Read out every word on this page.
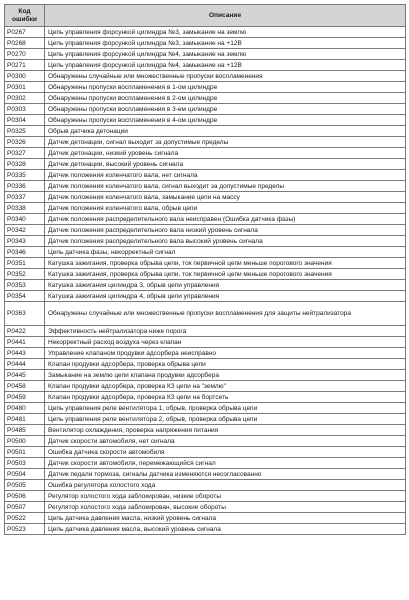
Код ошибки	Описание
P0267	Цепь управления форсункой цилиндра №3, замыкание на землю
P0268	Цепь управления форсункой цилиндра №3, замыкание на +12В
P0270	Цепь управления форсункой цилиндра №4, замыкание на землю
P0271	Цепь управления форсункой цилиндра №4, замыкание на +12В
P0300	Обнаружены случайные или множественные пропуски воспламенения
P0301	Обнаружены пропуски воспламенения в 1-ом цилиндре
P0302	Обнаружены пропуски воспламенения в 2-ом цилиндре
P0303	Обнаружены пропуски воспламенения в 3-ем цилиндре
P0304	Обнаружены пропуски воспламенения в 4-ом цилиндре
P0325	Обрыв датчика детонации
P0326	Датчик детонации, сигнал выходит за допустимые пределы
P0327	Датчик детонации, низкий уровень сигнала
P0328	Датчик детонации, высокий уровень сигнала
P0335	Датчик положения коленчатого вала, нет сигнала
P0336	Датчик положения коленчатого вала, сигнал выходит за допустимые пределы
P0337	Датчик положения коленчатого вала, замыкание цепи на массу
P0338	Датчик положения коленчатого вала, обрыв цепи
P0340	Датчик положения распределительного вала неисправен (Ошибка датчика фазы)
P0342	Датчик положения распределительного вала низкий уровень сигнала
P0343	Датчик положения распределительного вала высокий уровень сигнала
P0346	Цепь датчика фазы, некорректный сигнал
P0351	Катушка зажигания, проверка обрыва цепи, ток первичной цепи меньше порогового значения
P0352	Катушка зажигания, проверка обрыва цепи, ток первичной цепи меньше порогового значения
P0353	Катушка зажигания цилиндра 3, обрыв цепи управления
P0354	Катушка зажигания цилиндра 4, обрыв цепи управления
P0363	Обнаружены случайные или множественные пропуски воспламенения для защиты нейтрализатора
P0422	Эффективность нейтрализатора ниже порога
P0441	Некорректный расход воздуха через клапан
P0443	Управление клапаном продувки адсорбера неисправно
P0444	Клапан продувки адсорбера, проверка обрыва цепи
P0445	Замыкание на землю цепи клапана продувки адсорбера
P0458	Клапан продувки адсорбера, проверка КЗ цепи на "землю"
P0459	Клапан продувки адсорбера, проверка КЗ цепи на бортсеть
P0480	Цепь управления реле вентилятора 1, обрыв, проверка обрыва цепи
P0481	Цепь управления реле вентилятора 2, обрыв, проверка обрыва цепи
P0485	Вентилятор охлаждения, проверка напряжения питания
P0500	Датчик скорости автомобиля, нет сигнала
P0501	Ошибка датчика скорости автомобиля
P0503	Датчик скорости автомобиля, перемежающийся сигнал
P0504	Датчик педали тормоза, сигналы датчика изменяются несогласованно
P0505	Ошибка регулятора холостого хода
P0506	Регулятор холостого хода заблокирован, низкие обороты
P0507	Регулятор холостого хода заблокирован, высокие обороты
P0522	Цепь датчика давления масла, низкий уровень сигнала
P0523	Цепь датчика давления масла, высокий уровень сигнала
